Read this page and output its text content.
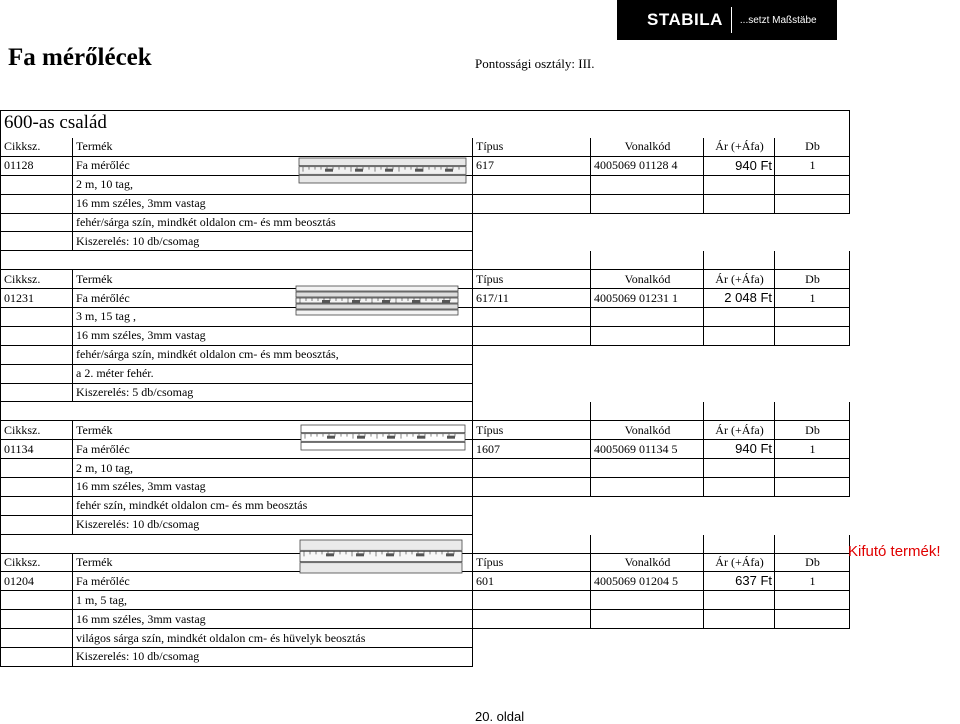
STABILA ...setzt Maßstäbe
Fa mérőlécek	Pontossági osztály: III.

Cikksz.	Termék	Típus	Vonalkód	Ár (+Áfa)	Db
01128	Fa mérőléc	617	4005069 01128 4	940 Ft	1
	2 m, 10 tag,				
	16 mm széles, 3mm vastag				
	fehér/sárga szín, mindkét oldalon cm- és mm beosztás				
	Kiszerelés: 10 db/csomag				

Cikksz.	Termék	Típus	Vonalkód	Ár (+Áfa)	Db
01231	Fa mérőléc	617/11	4005069 01231 1	2 048 Ft	1
	3 m, 15 tag ,				
	16 mm széles, 3mm vastag				
	fehér/sárga szín, mindkét oldalon cm- és mm beosztás,				
	a 2. méter fehér.				
	Kiszerelés: 5 db/csomag				

Cikksz.	Termék	Típus	Vonalkód	Ár (+Áfa)	Db
01134	Fa mérőléc	1607	4005069 01134 5	940 Ft	1
	2 m, 10 tag,				
	16 mm széles, 3mm vastag				
	fehér szín, mindkét oldalon cm- és mm beosztás				
	Kiszerelés: 10 db/csomag				

Cikksz.	Termék	Típus	Vonalkód	Ár (+Áfa)	Db
01204	Fa mérőléc	601	4005069 01204 5	637 Ft	1
	1 m, 5 tag,				
	16 mm széles, 3mm vastag				
	világos sárga szín, mindkét oldalon cm- és hüvelyk beosztás				
	Kiszerelés: 10 db/csomag				
600-as család
Kifutó termék!
20. oldal
